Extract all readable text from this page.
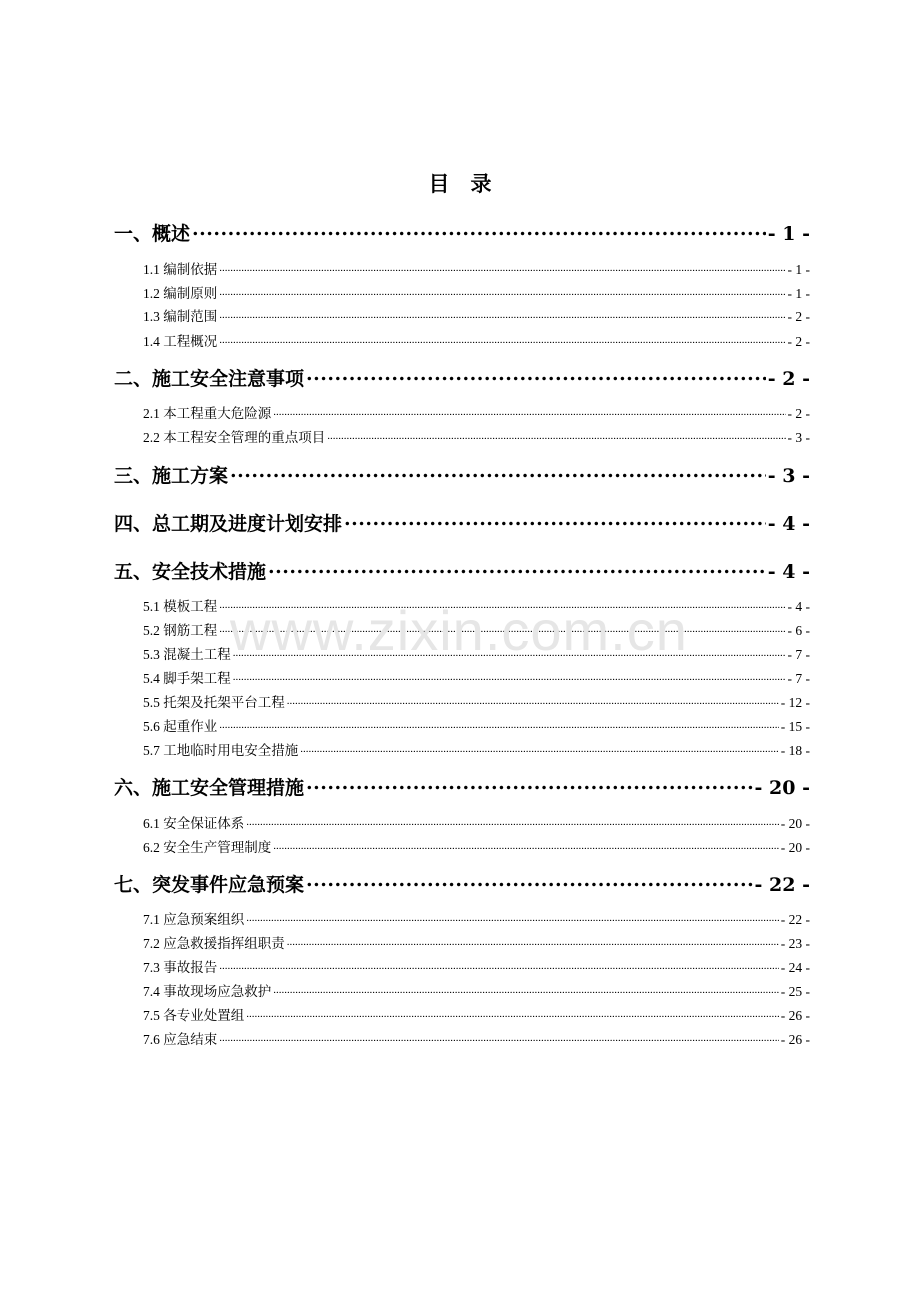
目　录
一、概述 .....	- 1 -
1.1 编制依据 .....	- 1 -
1.2 编制原则 .....	- 1 -
1.3 编制范围 .....	- 2 -
1.4 工程概况 .....	- 2 -
二、施工安全注意事项 .....	- 2 -
2.1 本工程重大危险源 .....	- 2 -
2.2 本工程安全管理的重点项目 .....	- 3 -
三、施工方案 .....	- 3 -
四、总工期及进度计划安排 .....	- 4 -
五、安全技术措施 .....	- 4 -
5.1 模板工程 .....	- 4 -
5.2 钢筋工程 .....	- 6 -
5.3 混凝土工程 .....	- 7 -
5.4 脚手架工程 .....	- 7 -
5.5 托架及托架平台工程 .....	- 12 -
5.6 起重作业 .....	- 15 -
5.7 工地临时用电安全措施 .....	- 18 -
六、施工安全管理措施 .....	- 20 -
6.1 安全保证体系 .....	- 20 -
6.2 安全生产管理制度 .....	- 20 -
七、突发事件应急预案 .....	- 22 -
7.1 应急预案组织 .....	- 22 -
7.2 应急救援指挥组职责 .....	- 23 -
7.3 事故报告 .....	- 24 -
7.4 事故现场应急救护 .....	- 25 -
7.5 各专业处置组 .....	- 26 -
7.6 应急结束 .....	- 26 -
www.zixin.com.cn
